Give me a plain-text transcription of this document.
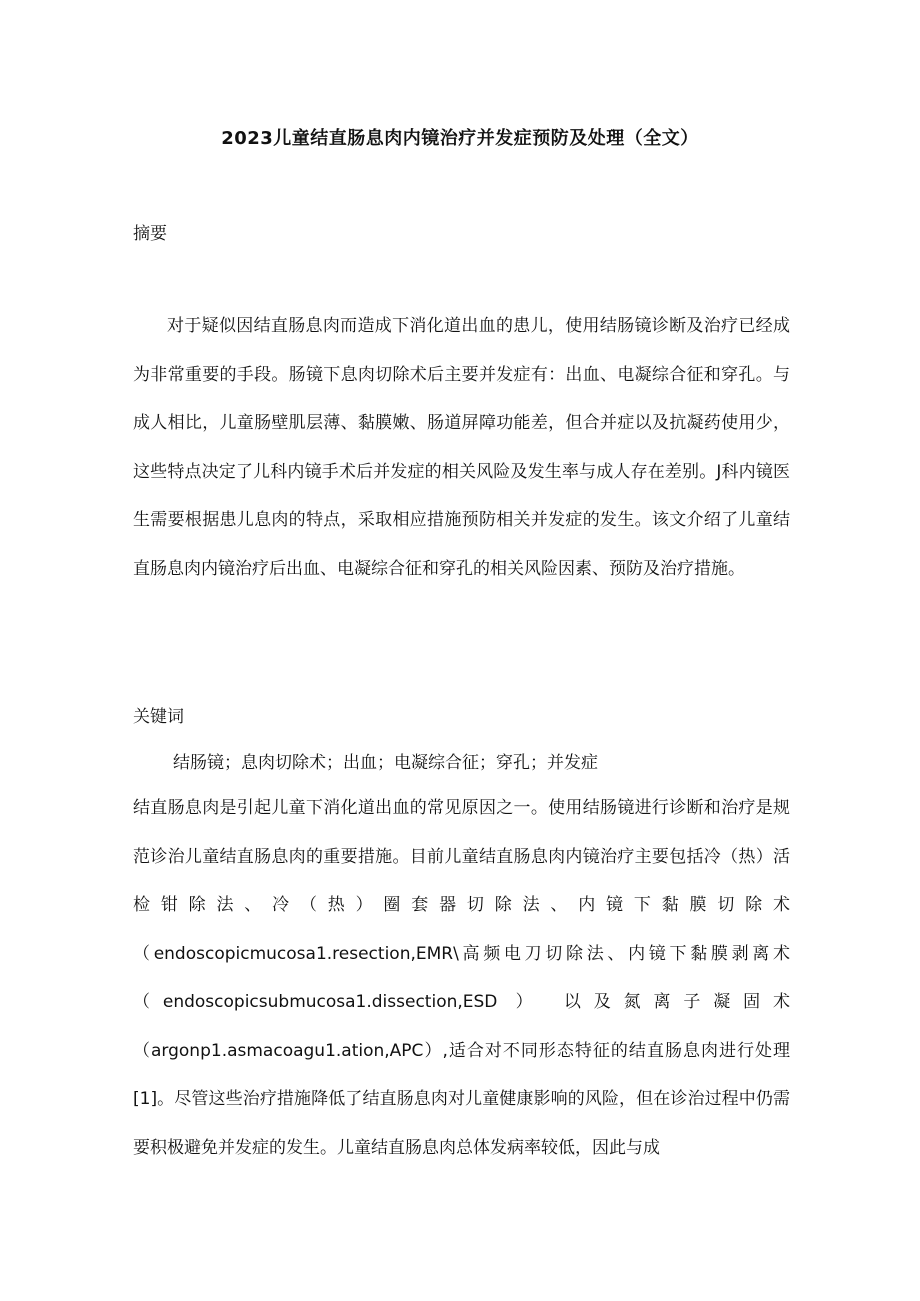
2023儿童结直肠息肉内镜治疗并发症预防及处理（全文）
摘要

对于疑似因结直肠息肉而造成下消化道出血的患儿，使用结肠镜诊断及治疗已经成为非常重要的手段。肠镜下息肉切除术后主要并发症有：出血、电凝综合征和穿孔。与成人相比，儿童肠壁肌层薄、黏膜嫩、肠道屏障功能差，但合并症以及抗凝药使用少，这些特点决定了儿科内镜手术后并发症的相关风险及发生率与成人存在差别。J科内镜医生需要根据患儿息肉的特点，采取相应措施预防相关并发症的发生。该文介绍了儿童结直肠息肉内镜治疗后出血、电凝综合征和穿孔的相关风险因素、预防及治疗措施。

关键词
结肠镜；息肉切除术；出血；电凝综合征；穿孔；并发症

结直肠息肉是引起儿童下消化道出血的常见原因之一。使用结肠镜进行诊断和治疗是规范诊治儿童结直肠息肉的重要措施。目前儿童结直肠息肉内镜治疗主要包括冷（热）活检钳除法、冷（热）圈套器切除法、内镜下黏膜切除术（endoscopicmucosa1.resection,EMR\高频电刀切除法、内镜下黏膜剥离术（endoscopicsubmucosa1.dissection,ESD ） 以及氮离子凝固术 （argonp1.asmacoagu1.ation,APC）,适合对不同形态特征的结直肠息肉进行处理[1]。尽管这些治疗措施降低了结直肠息肉对儿童健康影响的风险，但在诊治过程中仍需要积极避免并发症的发生。儿童结直肠息肉总体发病率较低，因此与成
